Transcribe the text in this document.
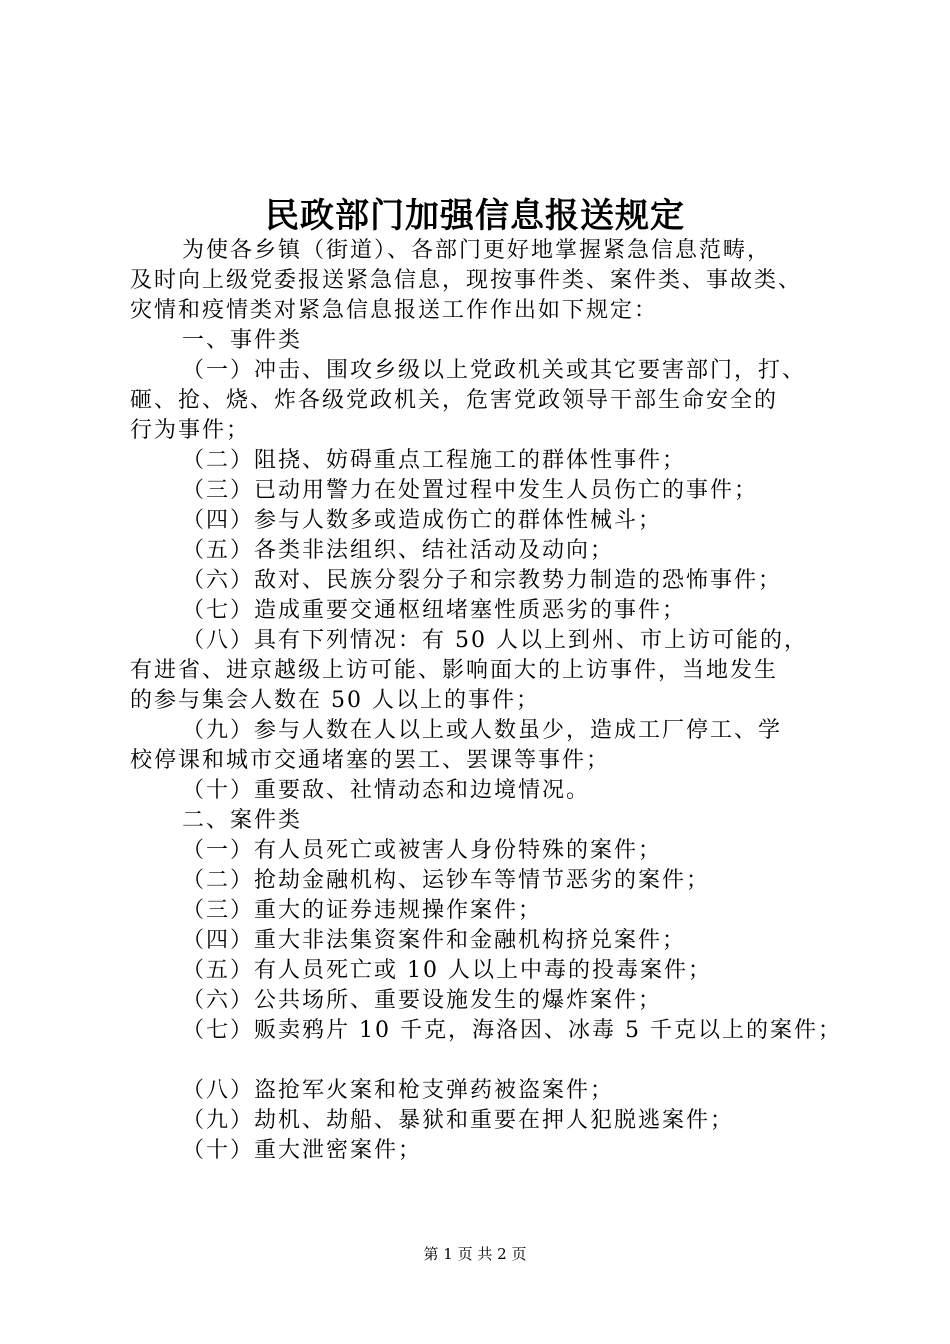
民政部门加强信息报送规定

为使各乡镇（街道）、各部门更好地掌握紧急信息范畴，

及时向上级党委报送紧急信息，现按事件类、案件类、事故类、

灾情和疫情类对紧急信息报送工作作出如下规定：

一、事件类

（一）冲击、围攻乡级以上党政机关或其它要害部门，打、

砸、抢、烧、炸各级党政机关，危害党政领导干部生命安全的

行为事件；

（二）阻挠、妨碍重点工程施工的群体性事件；

（三）已动用警力在处置过程中发生人员伤亡的事件；

（四）参与人数多或造成伤亡的群体性械斗；

（五）各类非法组织、结社活动及动向；

（六）敌对、民族分裂分子和宗教势力制造的恐怖事件；

（七）造成重要交通枢纽堵塞性质恶劣的事件；

（八）具有下列情况：有 50 人以上到州、市上访可能的，

有进省、进京越级上访可能、影响面大的上访事件，当地发生

的参与集会人数在 50 人以上的事件；

（九）参与人数在人以上或人数虽少，造成工厂停工、学

校停课和城市交通堵塞的罢工、罢课等事件；

（十）重要敌、社情动态和边境情况。

二、案件类

（一）有人员死亡或被害人身份特殊的案件；

（二）抢劫金融机构、运钞车等情节恶劣的案件；

（三）重大的证券违规操作案件；

（四）重大非法集资案件和金融机构挤兑案件；

（五）有人员死亡或 10 人以上中毒的投毒案件；

（六）公共场所、重要设施发生的爆炸案件；

（七）贩卖鸦片 10 千克，海洛因、冰毒 5 千克以上的案件；

（八）盗抢军火案和枪支弹药被盗案件；

（九）劫机、劫船、暴狱和重要在押人犯脱逃案件；

（十）重大泄密案件；

第 1 页 共 2 页
